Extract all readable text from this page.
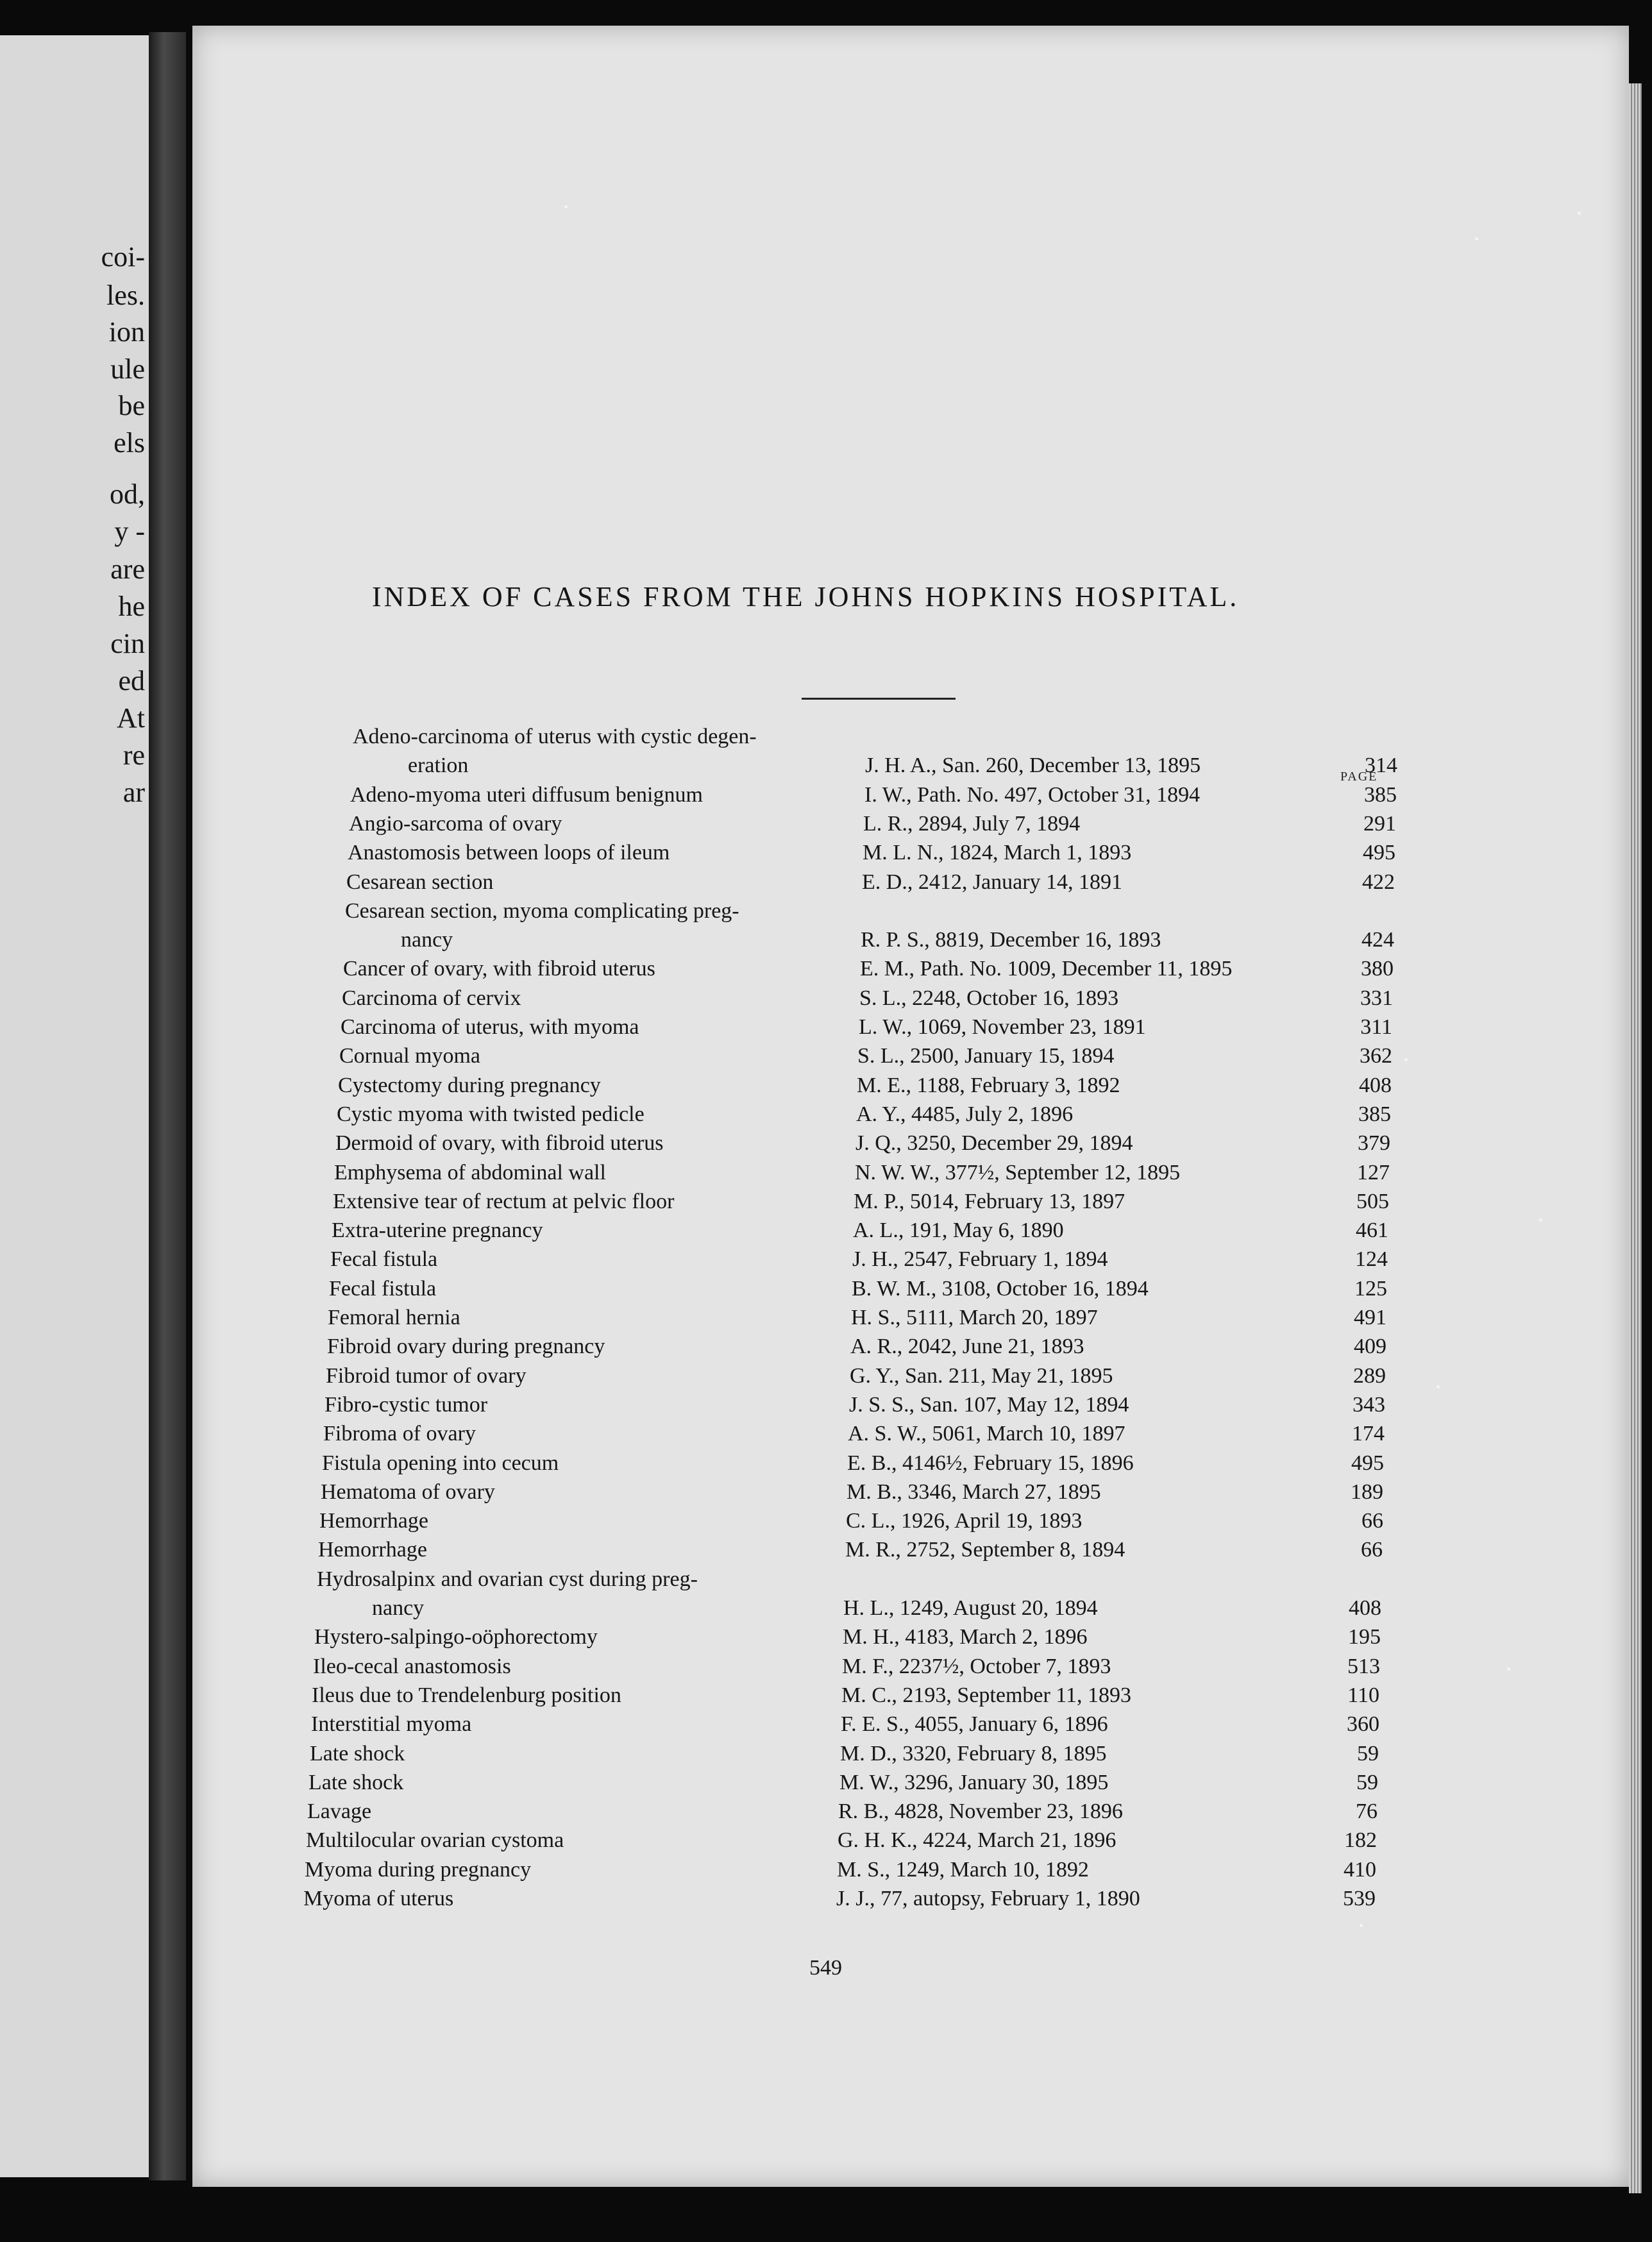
coi-
les.
ion
ule
be
els
od,
y -
are
he
cin
ed
At
re
ar
INDEX OF CASES FROM THE JOHNS HOPKINS HOSPITAL.
PAGE
Adeno-carcinoma of uterus with cystic degen-
eration	J. H. A., San. 260, December 13, 1895	314
Adeno-myoma uteri diffusum benignum	I. W., Path. No. 497, October 31, 1894	385
Angio-sarcoma of ovary	L. R., 2894, July 7, 1894	291
Anastomosis between loops of ileum	M. L. N., 1824, March 1, 1893	495
Cesarean section	E. D., 2412, January 14, 1891	422
Cesarean section, myoma complicating preg-
nancy	R. P. S., 8819, December 16, 1893	424
Cancer of ovary, with fibroid uterus	E. M., Path. No. 1009, December 11, 1895	380
Carcinoma of cervix	S. L., 2248, October 16, 1893	331
Carcinoma of uterus, with myoma	L. W., 1069, November 23, 1891	311
Cornual myoma	S. L., 2500, January 15, 1894	362
Cystectomy during pregnancy	M. E., 1188, February 3, 1892	408
Cystic myoma with twisted pedicle	A. Y., 4485, July 2, 1896	385
Dermoid of ovary, with fibroid uterus	J. Q., 3250, December 29, 1894	379
Emphysema of abdominal wall	N. W. W., 377½, September 12, 1895	127
Extensive tear of rectum at pelvic floor	M. P., 5014, February 13, 1897	505
Extra-uterine pregnancy	A. L., 191, May 6, 1890	461
Fecal fistula	J. H., 2547, February 1, 1894	124
Fecal fistula	B. W. M., 3108, October 16, 1894	125
Femoral hernia	H. S., 5111, March 20, 1897	491
Fibroid ovary during pregnancy	A. R., 2042, June 21, 1893	409
Fibroid tumor of ovary	G. Y., San. 211, May 21, 1895	289
Fibro-cystic tumor	J. S. S., San. 107, May 12, 1894	343
Fibroma of ovary	A. S. W., 5061, March 10, 1897	174
Fistula opening into cecum	E. B., 4146½, February 15, 1896	495
Hematoma of ovary	M. B., 3346, March 27, 1895	189
Hemorrhage	C. L., 1926, April 19, 1893	66
Hemorrhage	M. R., 2752, September 8, 1894	66
Hydrosalpinx and ovarian cyst during preg-
nancy	H. L., 1249, August 20, 1894	408
Hystero-salpingo-oöphorectomy	M. H., 4183, March 2, 1896	195
Ileo-cecal anastomosis	M. F., 2237½, October 7, 1893	513
Ileus due to Trendelenburg position	M. C., 2193, September 11, 1893	110
Interstitial myoma	F. E. S., 4055, January 6, 1896	360
Late shock	M. D., 3320, February 8, 1895	59
Late shock	M. W., 3296, January 30, 1895	59
Lavage	R. B., 4828, November 23, 1896	76
Multilocular ovarian cystoma	G. H. K., 4224, March 21, 1896	182
Myoma during pregnancy	M. S., 1249, March 10, 1892	410
Myoma of uterus	J. J., 77, autopsy, February 1, 1890	539
549
